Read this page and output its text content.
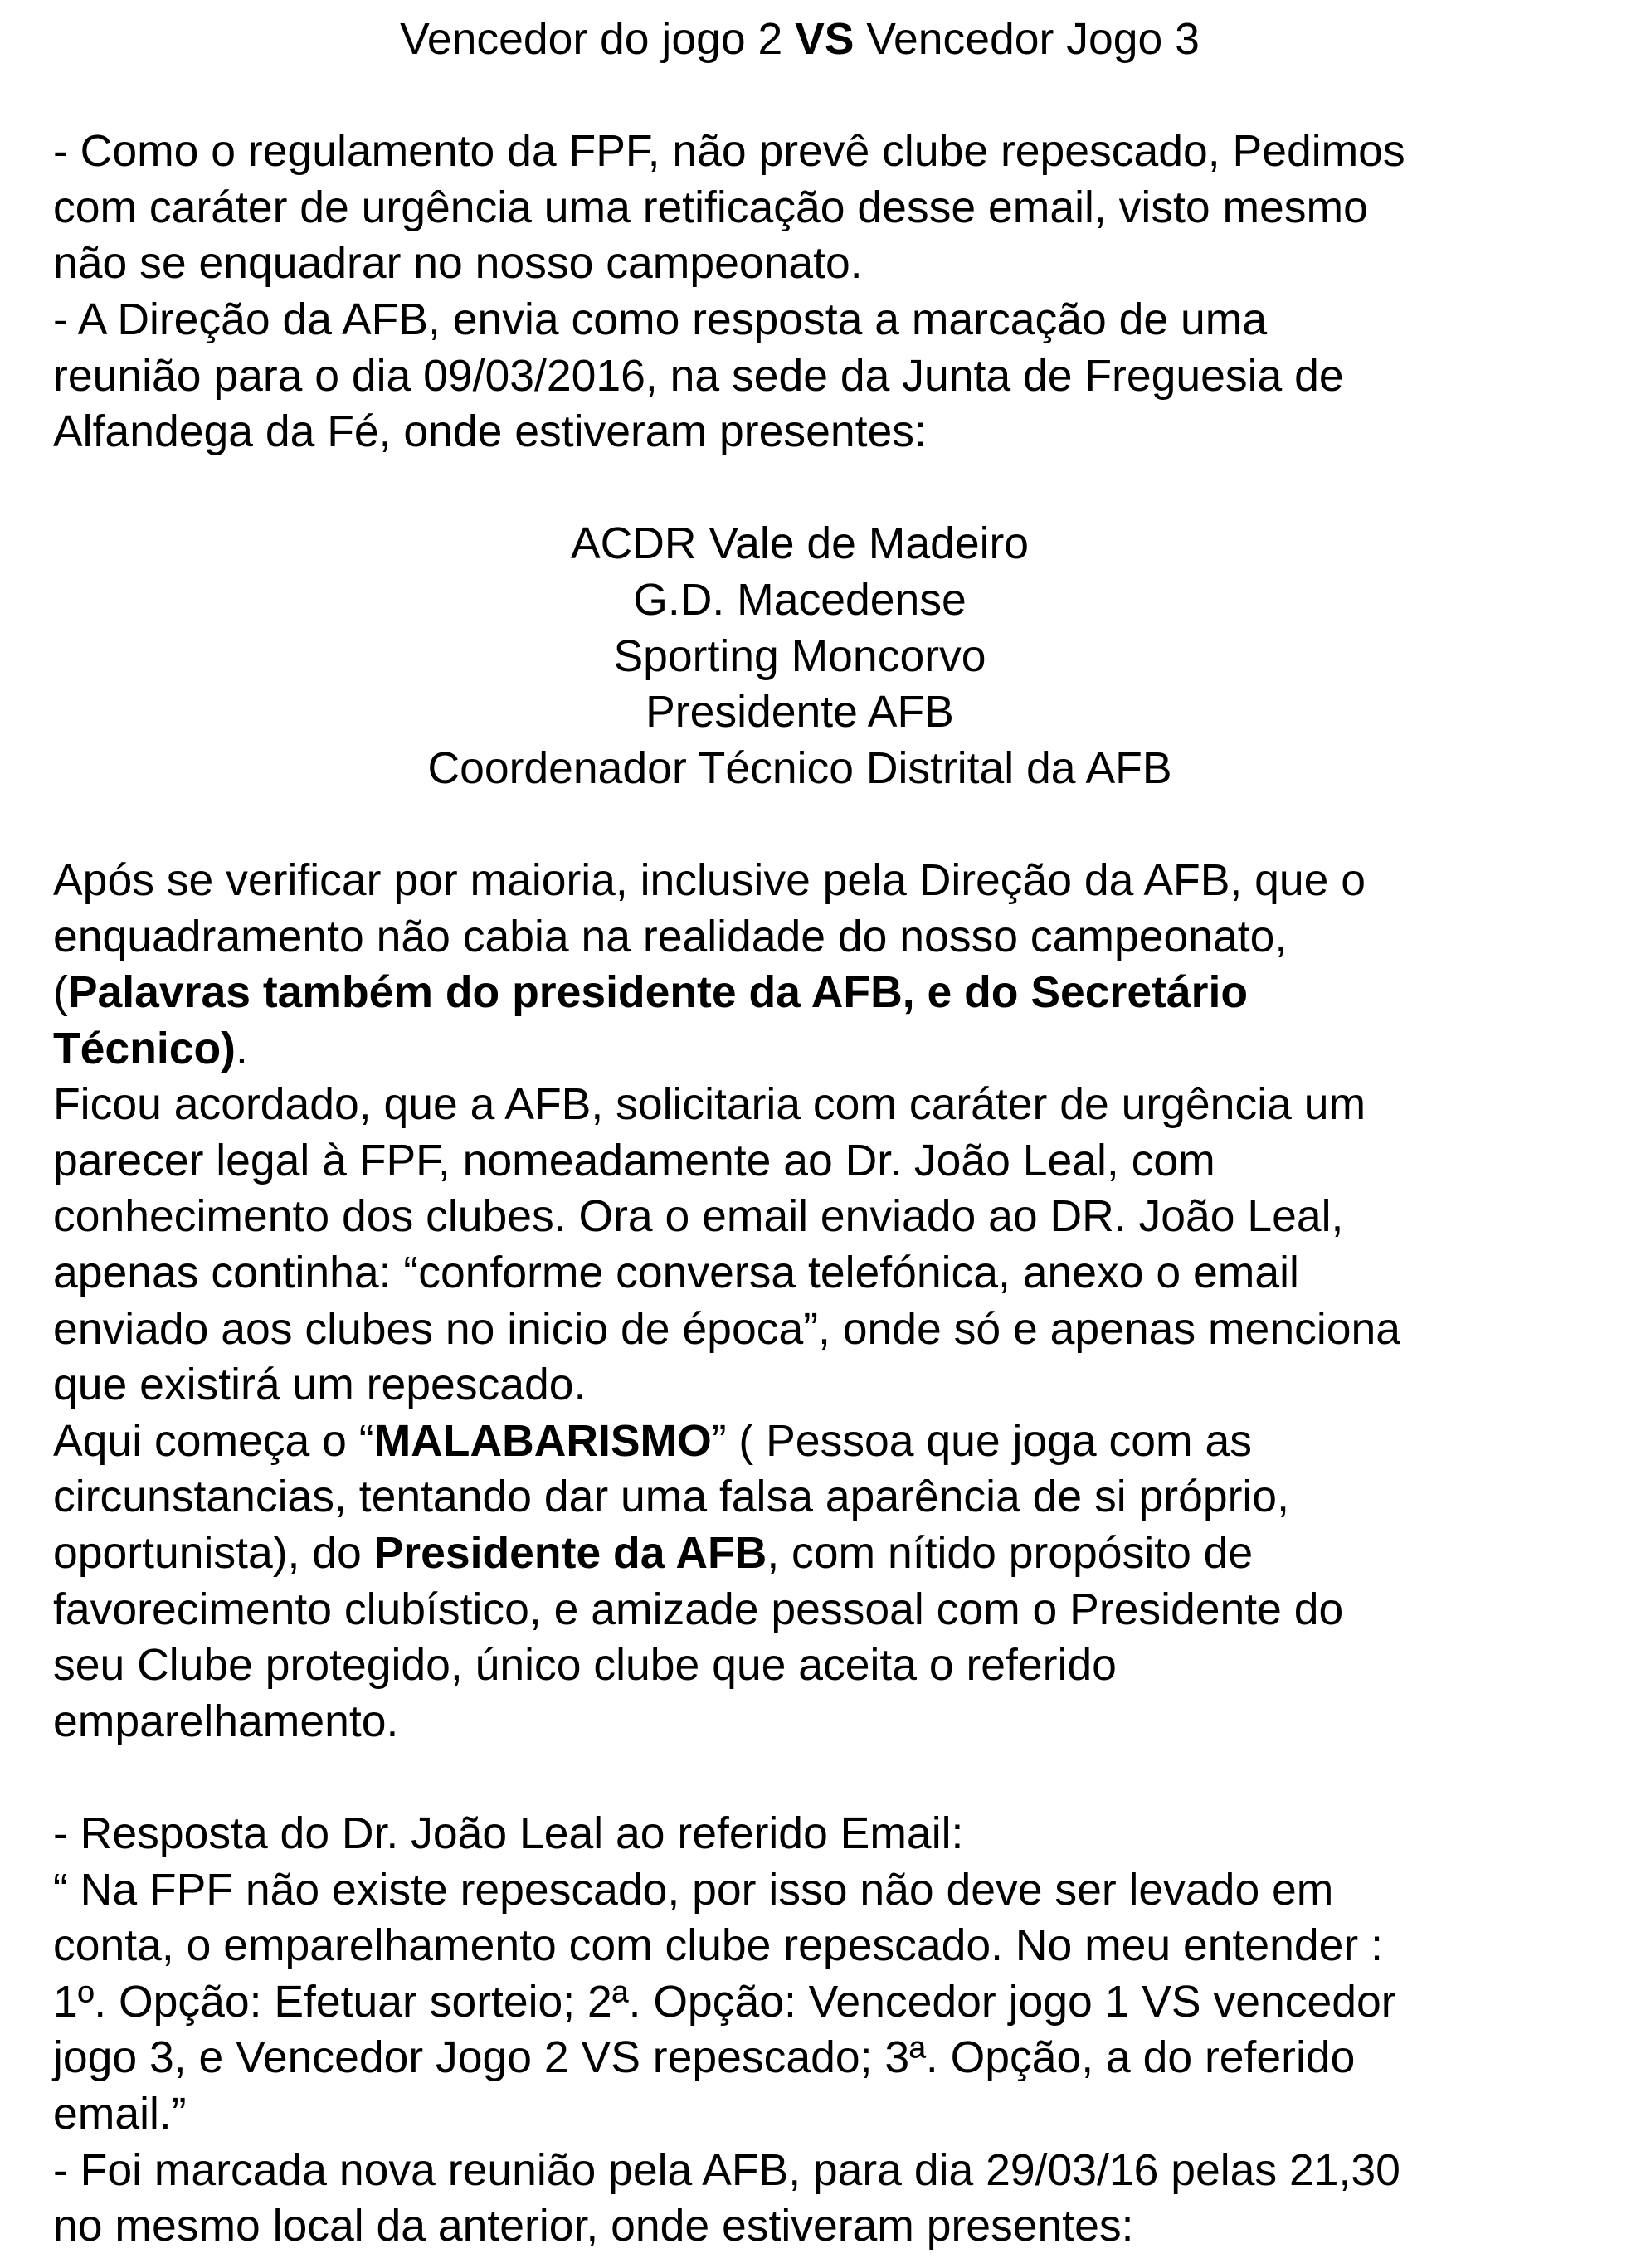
Vencedor do jogo 2 VS Vencedor Jogo 3

- Como o regulamento da FPF, não prevê clube repescado, Pedimos
com caráter de urgência uma retificação desse email, visto mesmo
não se enquadrar no nosso campeonato.

- A Direção da AFB, envia como resposta a marcação de uma
reunião para o dia 09/03/2016, na sede da Junta de Freguesia de
Alfandega da Fé, onde estiveram presentes:

ACDR Vale de Madeiro

G.D. Macedense

Sporting Moncorvo

Presidente AFB

Coordenador Técnico Distrital da AFB

Após se verificar por maioria, inclusive pela Direção da AFB, que o
enquadramento não cabia na realidade do nosso campeonato,
(Palavras também do presidente da AFB, e do Secretário
Técnico).

Ficou acordado, que a AFB, solicitaria com caráter de urgência um
parecer legal à FPF, nomeadamente ao Dr. João Leal, com
conhecimento dos clubes. Ora o email enviado ao DR. João Leal,
apenas continha: “conforme conversa telefónica, anexo o email
enviado aos clubes no inicio de época”, onde só e apenas menciona
que existirá um repescado.

Aqui começa o “MALABARISMO” ( Pessoa que joga com as
circunstancias, tentando dar uma falsa aparência de si próprio,
oportunista), do Presidente da AFB, com nítido propósito de
favorecimento clubístico, e amizade pessoal com o Presidente do
seu Clube protegido, único clube que aceita o referido
emparelhamento.

- Resposta do Dr. João Leal ao referido Email:
“ Na FPF não existe repescado, por isso não deve ser levado em
conta, o emparelhamento com clube repescado. No meu entender :
1º. Opção: Efetuar sorteio; 2ª. Opção: Vencedor jogo 1 VS vencedor
jogo 3, e Vencedor Jogo 2 VS repescado; 3ª. Opção, a do referido
email.”

- Foi marcada nova reunião pela AFB, para dia 29/03/16 pelas 21,30
no mesmo local da anterior, onde estiveram presentes:
